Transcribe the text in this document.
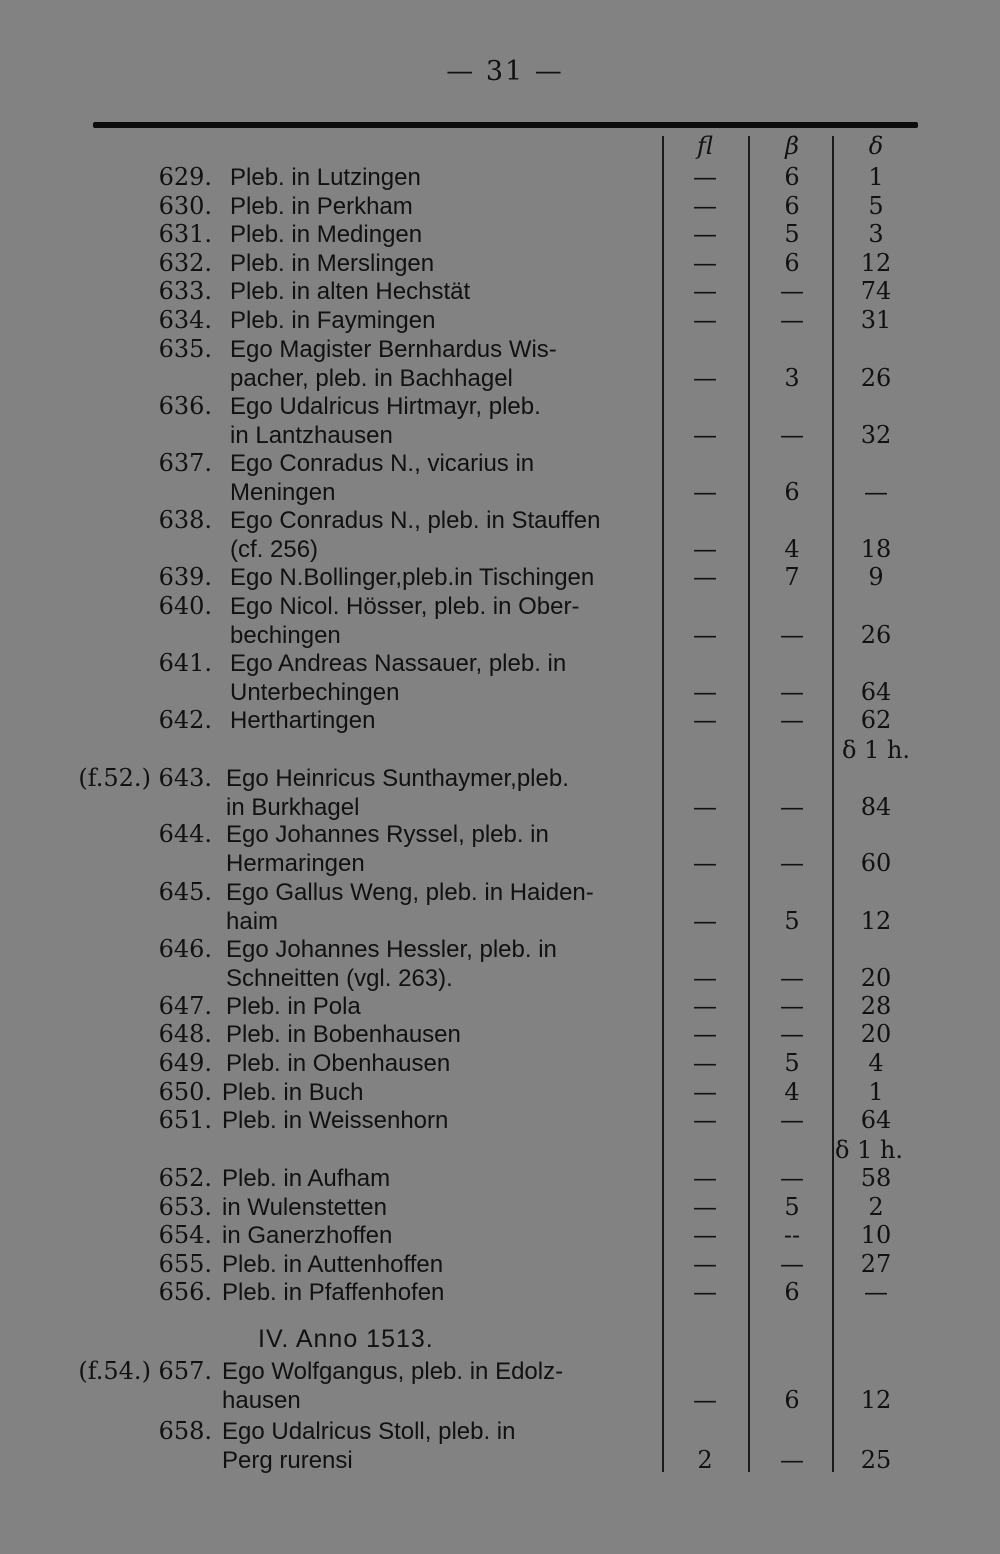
— 31 —
fl	β	δ
629. Pleb. in Lutzingen	—	6	1
630. Pleb. in Perkham	—	6	5
631. Pleb. in Medingen	—	5	3
632. Pleb. in Merslingen	—	6	12
633. Pleb. in alten Hechstät	—	—	74
634. Pleb. in Faymingen	—	—	31
635. Ego Magister Bernhardus Wis-
pacher, pleb. in Bachhagel	—	3	26
636. Ego Udalricus Hirtmayr, pleb.
in Lantzhausen	—	—	32
637. Ego Conradus N., vicarius in
Meningen	—	6	—
638. Ego Conradus N., pleb. in Stauffen
(cf. 256)	—	4	18
639. Ego N.Bollinger,pleb.in Tischingen	—	7	9
640. Ego Nicol. Hösser, pleb. in Ober-
bechingen	—	—	26
641. Ego Andreas Nassauer, pleb. in
Unterbechingen	—	—	64
642. Herthartingen	—	—	62
(f.52.) 643. Ego Heinricus Sunthaymer,pleb.
in Burkhagel	—	—	84
644. Ego Johannes Ryssel, pleb. in
Hermaringen	—	—	60
645. Ego Gallus Weng, pleb. in Haiden-
haim	—	5	12
646. Ego Johannes Hessler, pleb. in
Schneitten (vgl. 263).	—	—	20
647. Pleb. in Pola	—	—	28
648. Pleb. in Bobenhausen	—	—	20
649. Pleb. in Obenhausen	—	5	4
650. Pleb. in Buch	—	4	1
651. Pleb. in Weissenhorn	—	—	64
652. Pleb. in Aufham	—	—	58
653. in Wulenstetten	—	5	2
654. in Ganerzhoffen	—	--	10
655. Pleb. in Auttenhoffen	—	—	27
656. Pleb. in Pfaffenhofen	—	6	—
(f.54.) 657. Ego Wolfgangus, pleb. in Edolz-
hausen	—	6	12
658. Ego Udalricus Stoll, pleb. in
Perg rurensi	2	—	25
δ 1 h.
δ 1 h.
IV. Anno 1513.
